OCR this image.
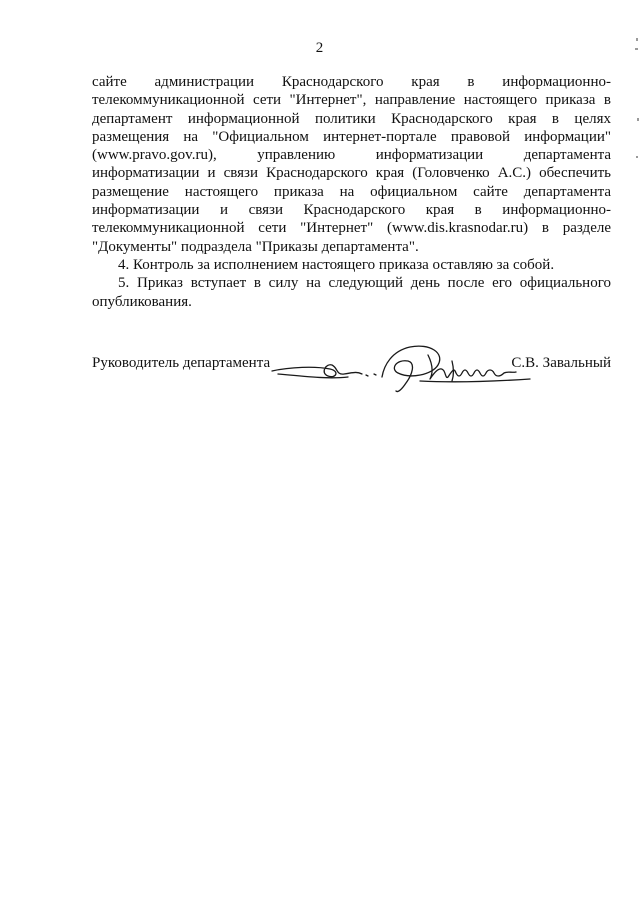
2

сайте администрации Краснодарского края в информационно-телекоммуникационной сети "Интернет", направление настоящего приказа в департамент информационной политики Краснодарского края в целях размещения на "Официальном интернет-портале правовой информации" (www.pravo.gov.ru), управлению информатизации департамента информатизации и связи Краснодарского края (Головченко А.С.) обеспечить размещение настоящего приказа на официальном сайте департамента информатизации и связи Краснодарского края в информационно-телекоммуникационной сети "Интернет" (www.dis.krasnodar.ru) в разделе "Документы" подраздела "Приказы департамента".

4. Контроль за исполнением настоящего приказа оставляю за собой.

5. Приказ вступает в силу на следующий день после его официального опубликования.

Руководитель департамента	С.В. Завальный
